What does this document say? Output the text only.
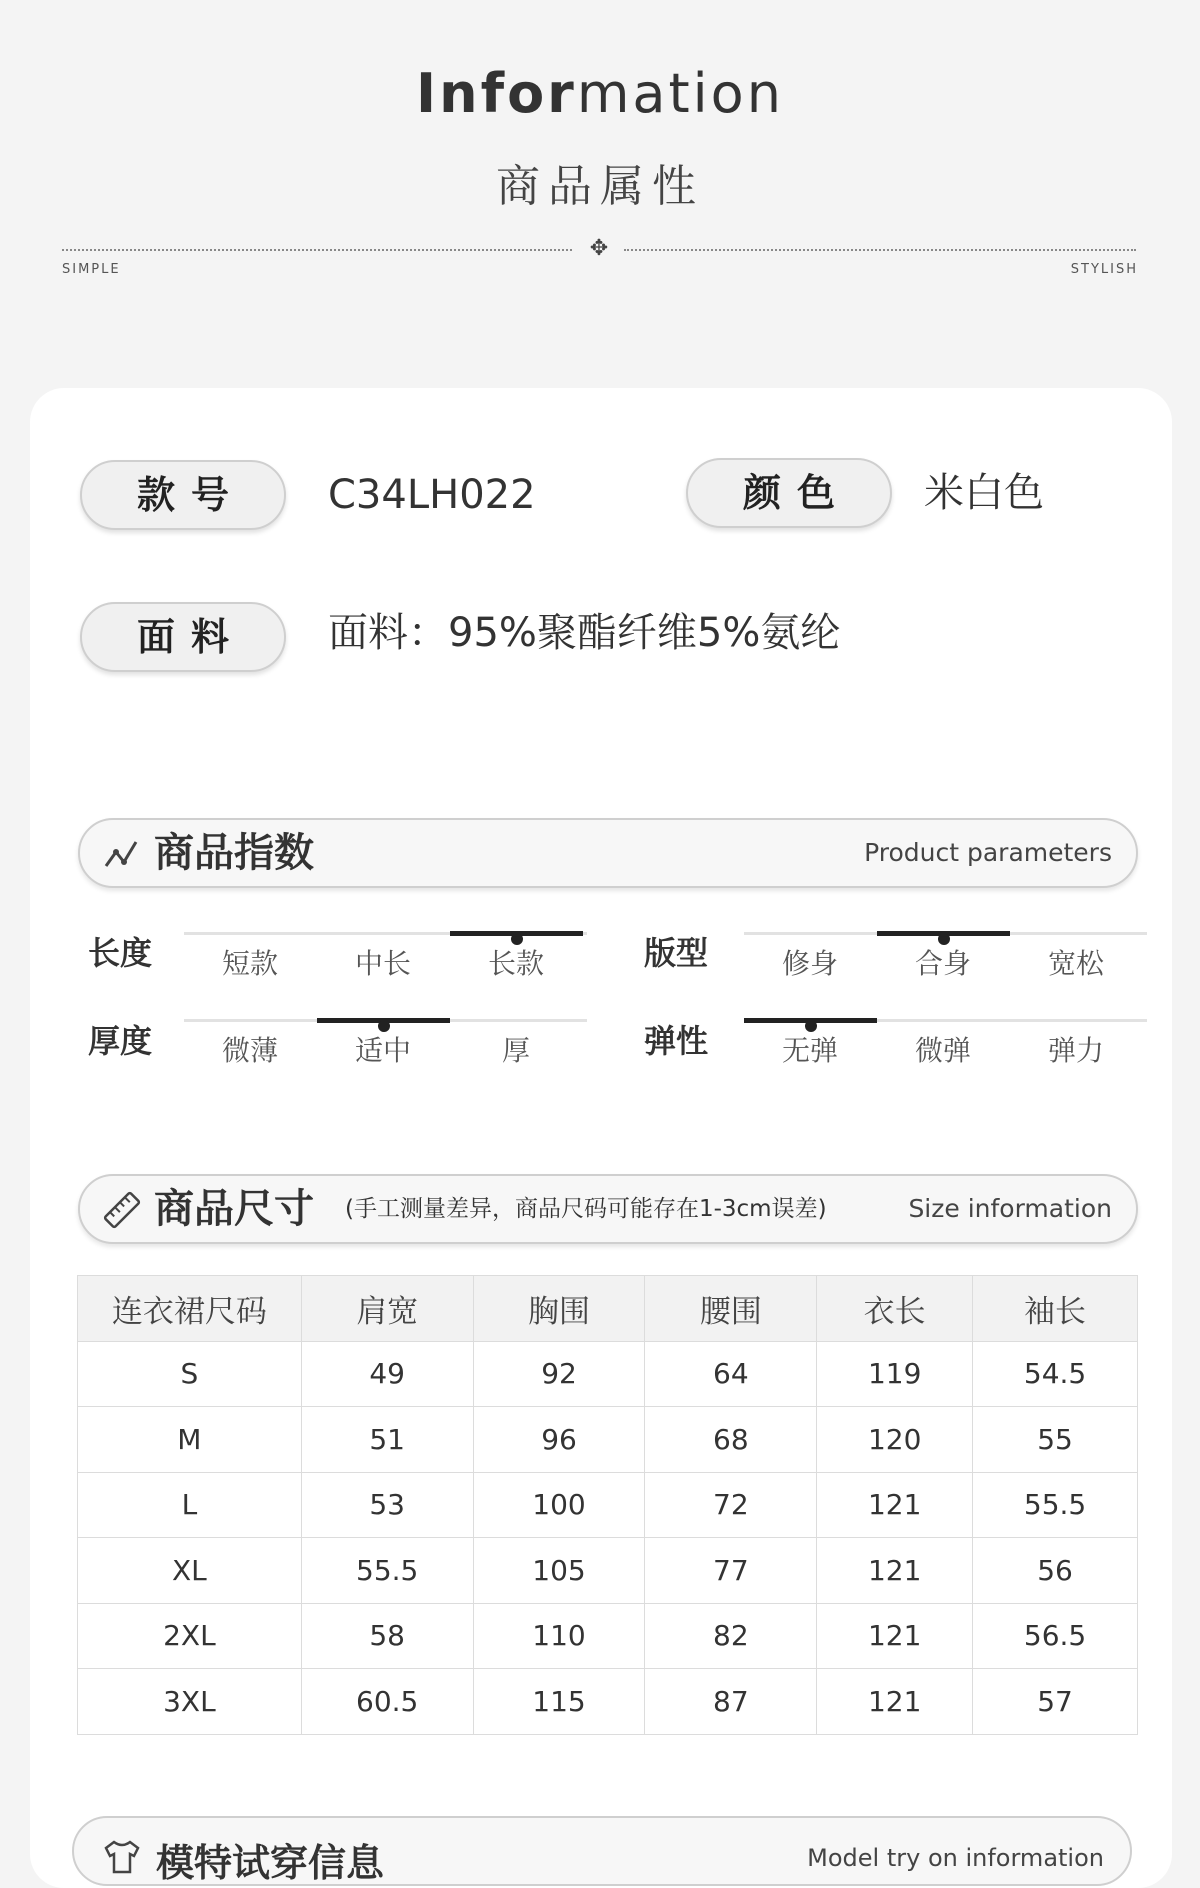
Information
商品属性
✥
SIMPLE	STYLISH
款号	C34LH022	颜色	米白色
面料	面料：95%聚酯纤维5%氨纶
商品指数	Product parameters
长度	短款	中长	长款	版型	修身	合身	宽松
厚度	微薄	适中	厚	弹性	无弹	微弹	弹力
商品尺寸 (手工测量差异，商品尺码可能存在1-3cm误差)	Size information
连衣裙尺码	肩宽	胸围	腰围	衣长	袖长
S	49	92	64	119	54.5
M	51	96	68	120	55
L	53	100	72	121	55.5
XL	55.5	105	77	121	56
2XL	58	110	82	121	56.5
3XL	60.5	115	87	121	57
模特试穿信息	Model try on information
